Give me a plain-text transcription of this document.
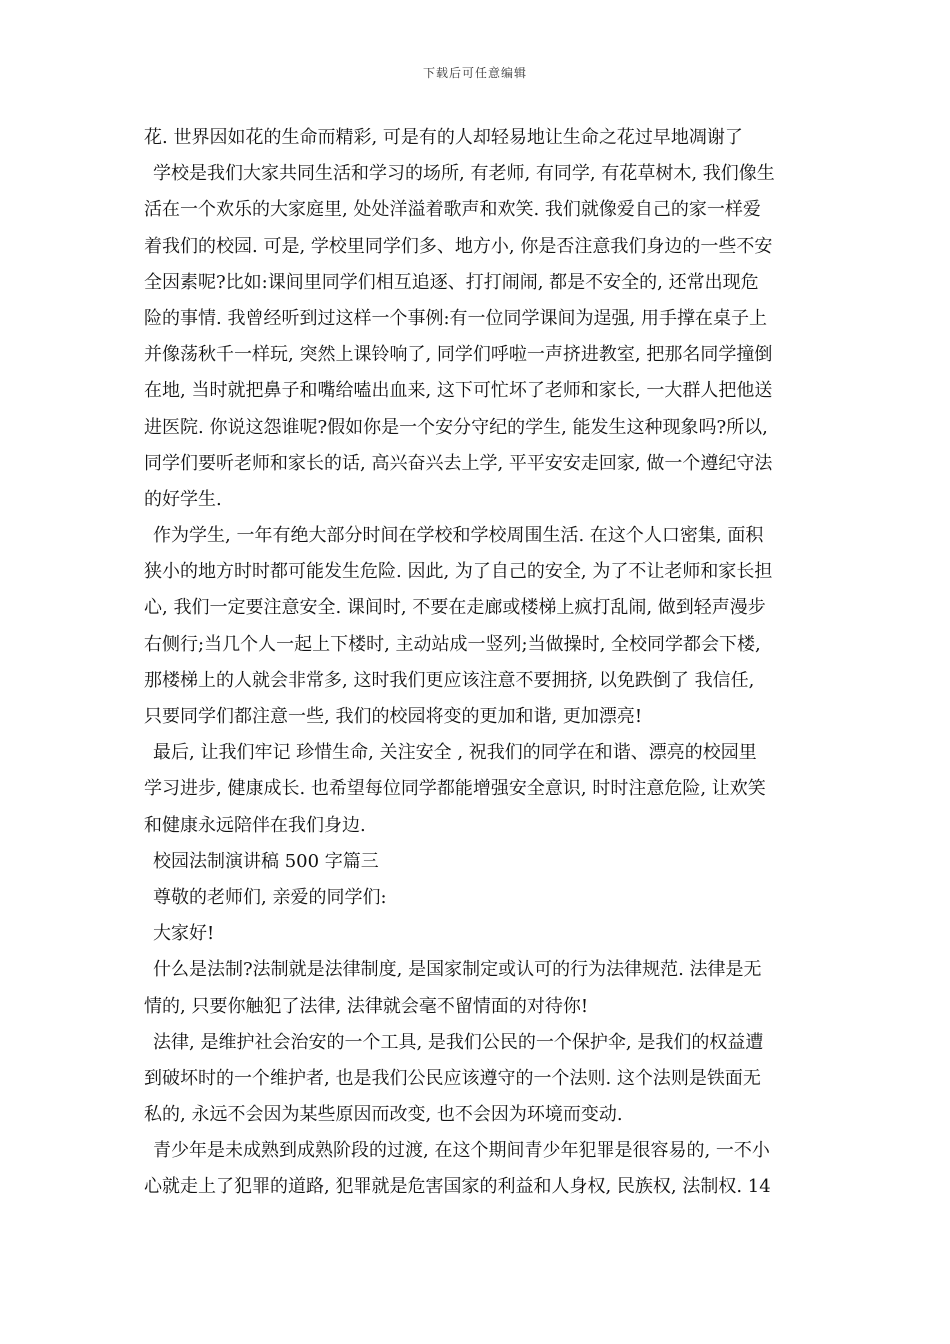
下载后可任意编辑
花. 世界因如花的生命而精彩, 可是有的人却轻易地让生命之花过早地凋谢了
学校是我们大家共同生活和学习的场所, 有老师, 有同学, 有花草树木, 我们像生
活在一个欢乐的大家庭里, 处处洋溢着歌声和欢笑. 我们就像爱自己的家一样爱
着我们的校园. 可是, 学校里同学们多、地方小, 你是否注意我们身边的一些不安
全因素呢?比如:课间里同学们相互追逐、打打闹闹, 都是不安全的, 还常出现危
险的事情. 我曾经听到过这样一个事例:有一位同学课间为逞强, 用手撑在桌子上
并像荡秋千一样玩, 突然上课铃响了, 同学们呼啦一声挤进教室, 把那名同学撞倒
在地, 当时就把鼻子和嘴给嗑出血来, 这下可忙坏了老师和家长, 一大群人把他送
进医院. 你说这怨谁呢?假如你是一个安分守纪的学生, 能发生这种现象吗?所以,
同学们要听老师和家长的话, 高兴奋兴去上学, 平平安安走回家, 做一个遵纪守法
的好学生.
作为学生, 一年有绝大部分时间在学校和学校周围生活. 在这个人口密集, 面积
狭小的地方时时都可能发生危险. 因此, 为了自己的安全, 为了不让老师和家长担
心, 我们一定要注意安全. 课间时, 不要在走廊或楼梯上疯打乱闹, 做到轻声漫步
右侧行;当几个人一起上下楼时, 主动站成一竖列;当做操时, 全校同学都会下楼,
那楼梯上的人就会非常多, 这时我们更应该注意不要拥挤, 以免跌倒了 我信任,
只要同学们都注意一些, 我们的校园将变的更加和谐, 更加漂亮!
最后, 让我们牢记 珍惜生命, 关注安全 , 祝我们的同学在和谐、漂亮的校园里
学习进步, 健康成长. 也希望每位同学都能增强安全意识, 时时注意危险, 让欢笑
和健康永远陪伴在我们身边.
校园法制演讲稿 500 字篇三
尊敬的老师们, 亲爱的同学们:
大家好!
什么是法制?法制就是法律制度, 是国家制定或认可的行为法律规范. 法律是无
情的, 只要你触犯了法律, 法律就会毫不留情面的对待你!
法律, 是维护社会治安的一个工具, 是我们公民的一个保护伞, 是我们的权益遭
到破坏时的一个维护者, 也是我们公民应该遵守的一个法则. 这个法则是铁面无
私的, 永远不会因为某些原因而改变, 也不会因为环境而变动.
青少年是未成熟到成熟阶段的过渡, 在这个期间青少年犯罪是很容易的, 一不小
心就走上了犯罪的道路, 犯罪就是危害国家的利益和人身权, 民族权, 法制权. 14
